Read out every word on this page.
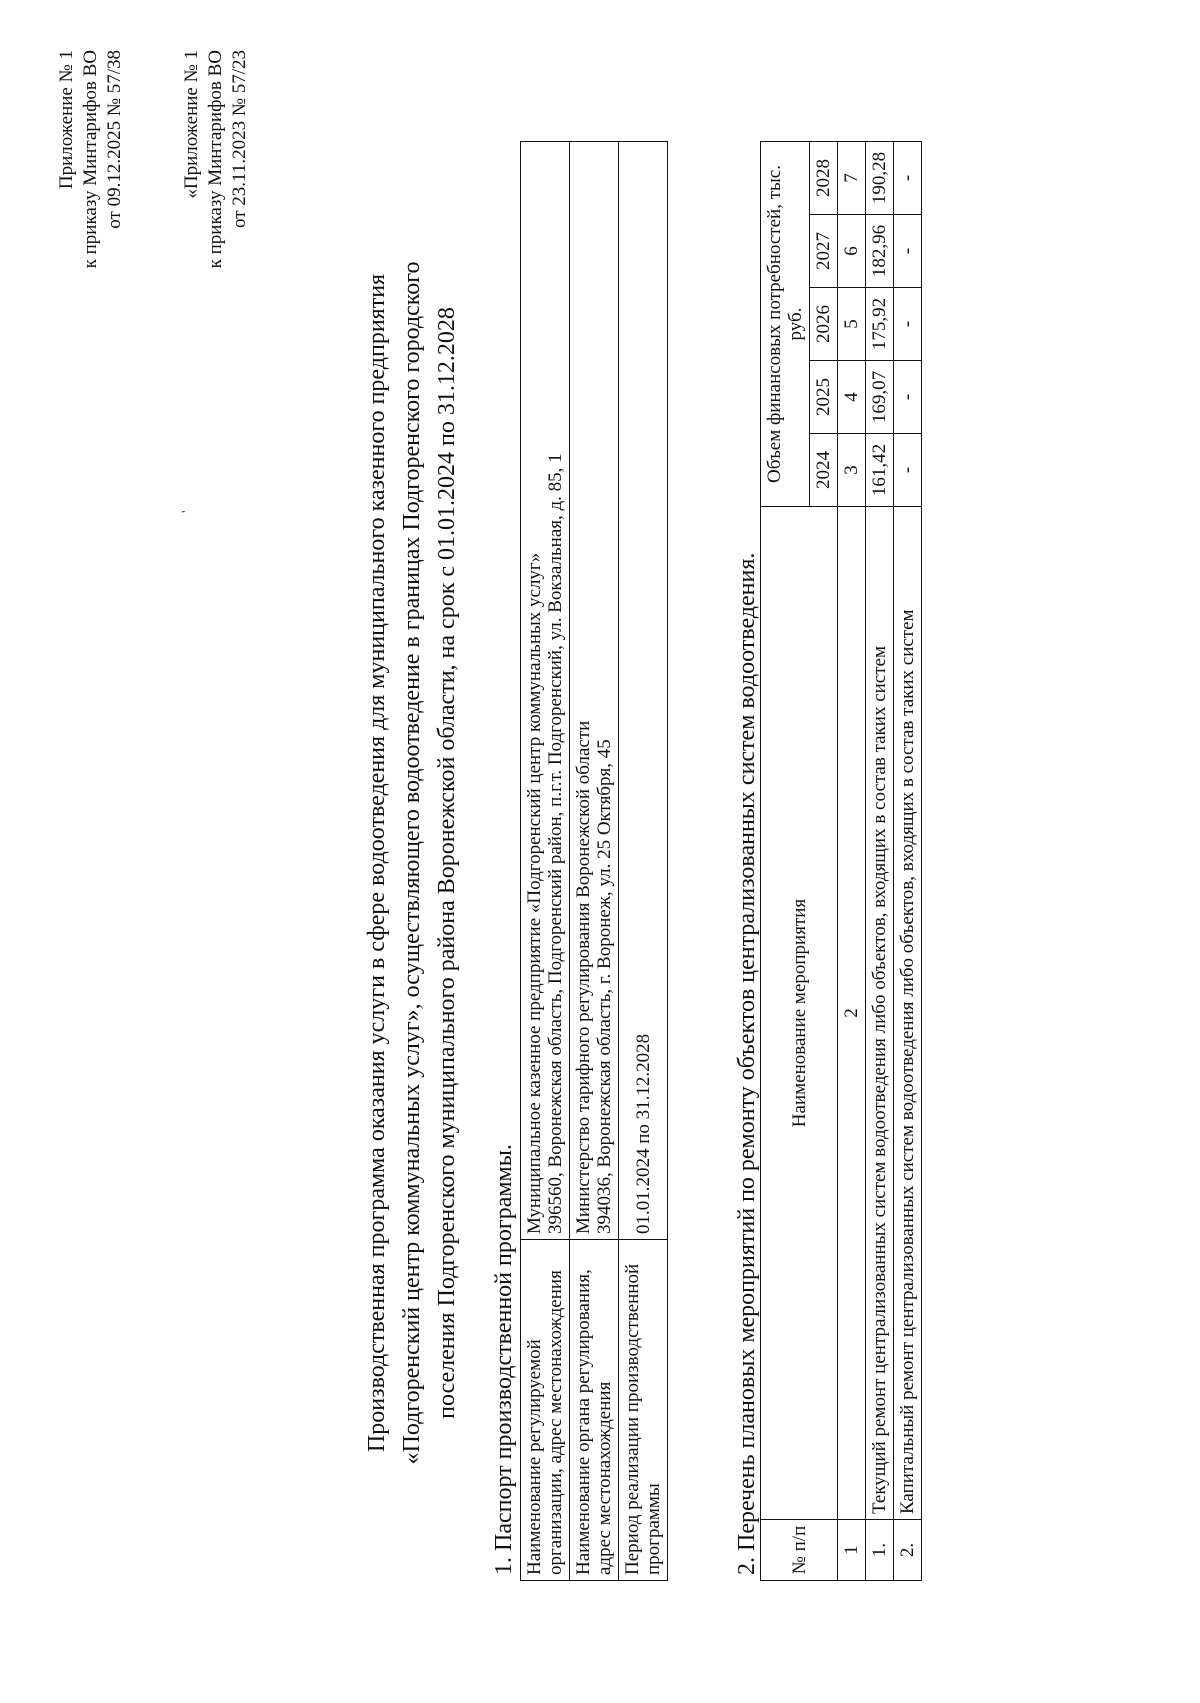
Приложение № 1 к приказу Минтарифов ВО от 09.12.2025 № 57/38
'
«Приложение № 1 к приказу Минтарифов ВО от 23.11.2023 № 57/23
Производственная программа оказания услуги в сфере водоотведения для муниципального казенного предприятия «Подгоренский центр коммунальных услуг», осуществляющего водоотведение в границах Подгоренского городского поселения Подгоренского муниципального района Воронежской области, на срок с 01.01.2024 по 31.12.2028 1. Паспорт производственной программы. Наименование регулируемой организации, адрес местонахождения	Муниципальное казенное предприятие «Подгоренский центр коммунальных услуг» 396560, Воронежская область, Подгоренский район, п.г.т. Подгоренский, ул. Вокзальная, д. 85, 1

Наименование органа регулирования, адрес местонахождения	Министерство тарифного регулирования Воронежской области 394036, Воронежская область, г. Воронеж, ул. 25 Октября, 45

Период реализации производственной программы	01.01.2024 по 31.12.2028	2. Перечень плановых мероприятий по ремонту объектов централизованных систем водоотведения. № п/п	Наименование мероприятия	Объем финансовых потребностей, тыс. руб.				
		2024	2025	2026	2027	2028
1	2	3	4	5	6	7
1.	Текущий ремонт централизованных систем водоотведения либо объектов, входящих в состав таких систем	161,42	169,07	175,92	182,96	190,28
2.	Капитальный ремонт централизованных систем водоотведения либо объектов, входящих в состав таких систем	-	-	-	-	-
